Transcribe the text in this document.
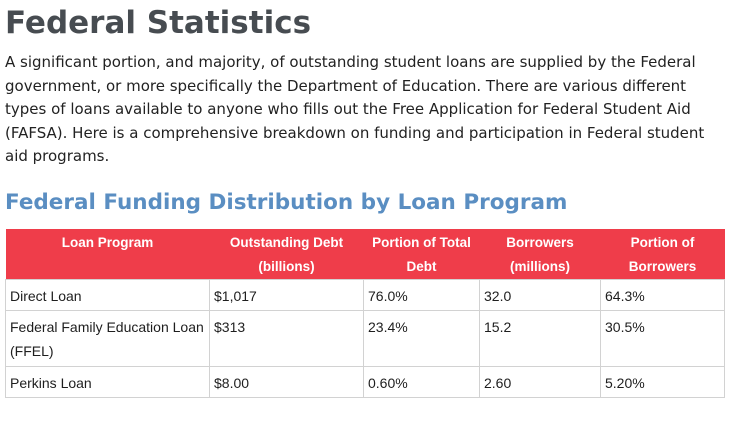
Federal Statistics

A significant portion, and majority, of outstanding student loans are supplied by the Federal government, or more specifically the Department of Education. There are various different types of loans available to anyone who fills out the Free Application for Federal Student Aid (FAFSA). Here is a comprehensive breakdown on funding and participation in Federal student aid programs.

Federal Funding Distribution by Loan Program
Loan Program	Outstanding Debt (billions)	Portion of Total Debt	Borrowers (millions)	Portion of Borrowers
Direct Loan	$1,017	76.0%	32.0	64.3%
Federal Family Education Loan (FFEL)	$313	23.4%	15.2	30.5%
Perkins Loan	$8.00	0.60%	2.60	5.20%
